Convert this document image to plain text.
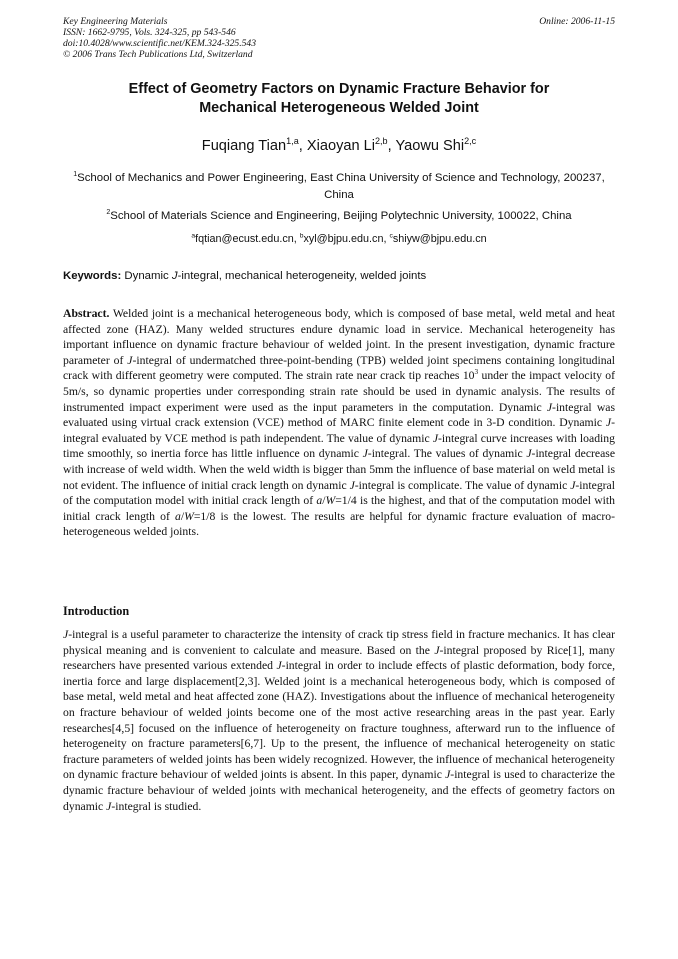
Key Engineering Materials
ISSN: 1662-9795, Vols. 324-325, pp 543-546
doi:10.4028/www.scientific.net/KEM.324-325.543
© 2006 Trans Tech Publications Ltd, Switzerland
Online: 2006-11-15
Effect of Geometry Factors on Dynamic Fracture Behavior for
Mechanical Heterogeneous Welded Joint
Fuqiang Tian$^{1,a}$, Xiaoyan Li$^{2,b}$, Yaowu Shi$^{2,c}$
$^1$School of Mechanics and Power Engineering, East China University of Science and Technology, 200237, China
$^2$School of Materials Science and Engineering, Beijing Polytechnic University, 100022, China
$^a$fqtian@ecust.edu.cn, $^b$xyl@bjpu.edu.cn, $^c$shiyw@bjpu.edu.cn
Keywords: Dynamic J-integral, mechanical heterogeneity, welded joints
Abstract. Welded joint is a mechanical heterogeneous body, which is composed of base metal, weld metal and heat affected zone (HAZ). Many welded structures endure dynamic load in service. Mechanical heterogeneity has important influence on dynamic fracture behaviour of welded joint. In the present investigation, dynamic fracture parameter of J-integral of undermatched three-point-bending (TPB) welded joint specimens containing longitudinal crack with different geometry were computed. The strain rate near crack tip reaches $10^3$ under the impact velocity of 5m/s, so dynamic properties under corresponding strain rate should be used in dynamic analysis. The results of instrumented impact experiment were used as the input parameters in the computation. Dynamic J-integral was evaluated using virtual crack extension (VCE) method of MARC finite element code in 3-D condition. Dynamic J-integral evaluated by VCE method is path independent. The value of dynamic J-integral curve increases with loading time smoothly, so inertia force has little influence on dynamic J-integral. The values of dynamic J-integral decrease with increase of weld width. When the weld width is bigger than 5mm the influence of base material on weld metal is not evident. The influence of initial crack length on dynamic J-integral is complicate. The value of dynamic J-integral of the computation model with initial crack length of a/W=1/4 is the highest, and that of the computation model with initial crack length of a/W=1/8 is the lowest. The results are helpful for dynamic fracture evaluation of macro-heterogeneous welded joints.
Introduction
J-integral is a useful parameter to characterize the intensity of crack tip stress field in fracture mechanics. It has clear physical meaning and is convenient to calculate and measure. Based on the J-integral proposed by Rice[1], many researchers have presented various extended J-integral in order to include effects of plastic deformation, body force, inertia force and large displacement[2,3]. Welded joint is a mechanical heterogeneous body, which is composed of base metal, weld metal and heat affected zone (HAZ). Investigations about the influence of mechanical heterogeneity on fracture behaviour of welded joints become one of the most active researching areas in the past year. Early researches[4,5] focused on the influence of heterogeneity on fracture toughness, afterward run to the influence of heterogeneity on fracture parameters[6,7]. Up to the present, the influence of mechanical heterogeneity on static fracture parameters of welded joints has been widely recognized. However, the influence of mechanical heterogeneity on dynamic fracture behaviour of welded joints is absent. In this paper, dynamic J-integral is used to characterize the dynamic fracture behaviour of welded joints with mechanical heterogeneity, and the effects of geometry factors on dynamic J-integral is studied.
